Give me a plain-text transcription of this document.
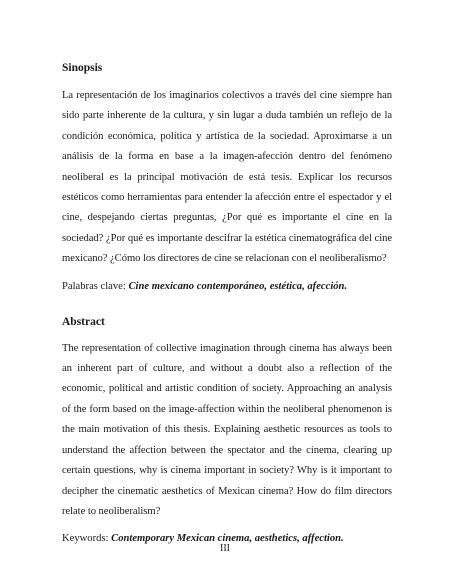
Sinopsis

La representación de los imaginarios colectivos a través del cine siempre han sido parte inherente de la cultura, y sin lugar a duda también un reflejo de la condición económica, política y artística de la sociedad. Aproximarse a un análisis de la forma en base a la imagen-afección dentro del fenómeno neoliberal es la principal motivación de está tesis. Explicar los recursos estéticos como herramientas para entender la afección entre el espectador y el cine, despejando ciertas preguntas, ¿Por qué es importante el cine en la sociedad? ¿Por qué es importante descifrar la estética cinematográfica del cine mexicano? ¿Cómo los directores de cine se relacionan con el neoliberalismo?

Palabras clave: Cine mexicano contemporáneo, estética, afección.

Abstract

The representation of collective imagination through cinema has always been an inherent part of culture, and without a doubt also a reflection of the economic, political and artistic condition of society. Approaching an analysis of the form based on the image-affection within the neoliberal phenomenon is the main motivation of this thesis. Explaining aesthetic resources as tools to understand the affection between the spectator and the cinema, clearing up certain questions, why is cinema important in society? Why is it important to decipher the cinematic aesthetics of Mexican cinema? How do film directors relate to neoliberalism?

Keywords: Contemporary Mexican cinema, aesthetics, affection.

III
